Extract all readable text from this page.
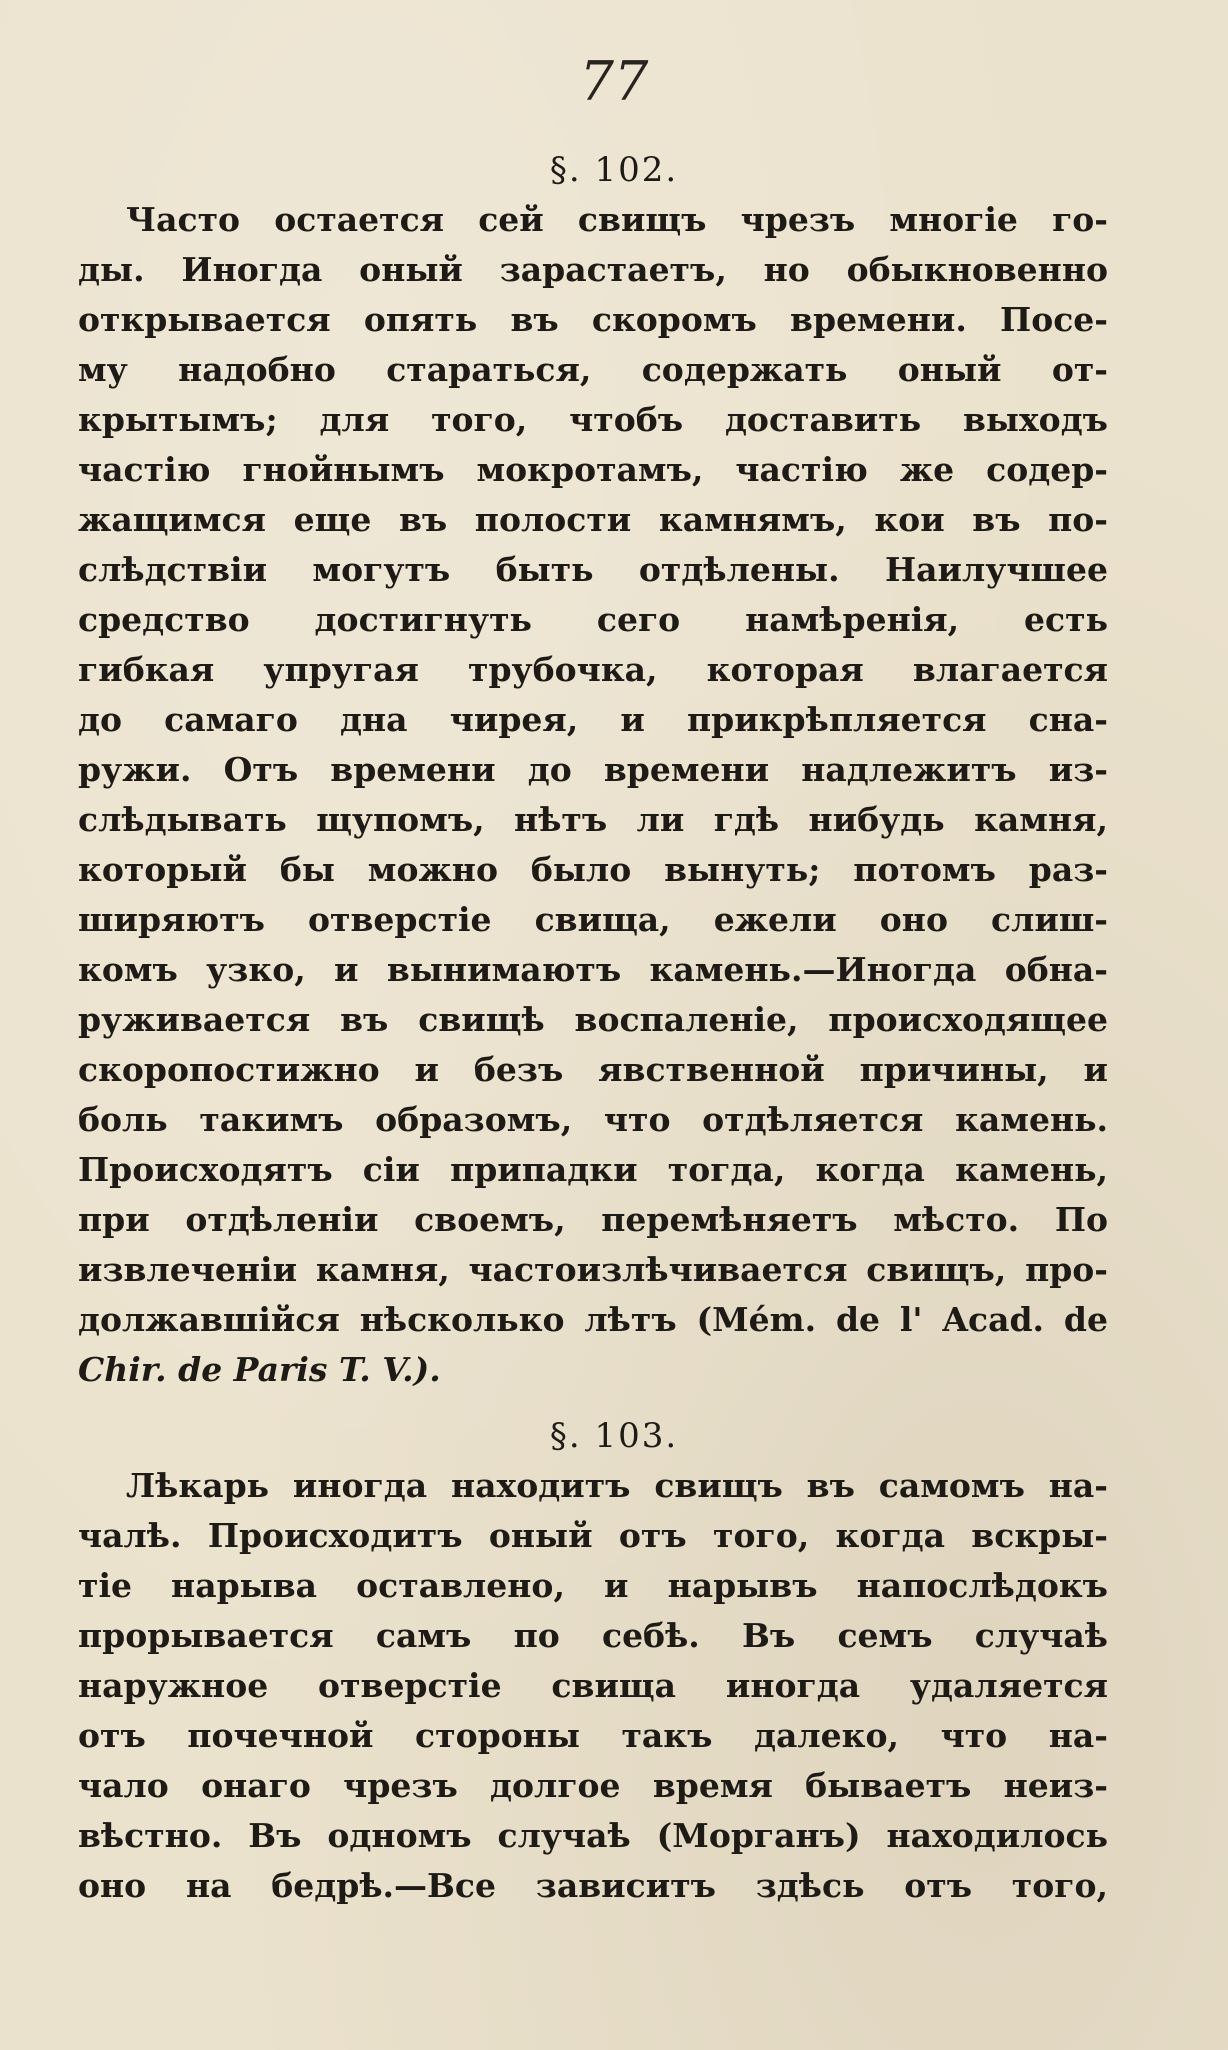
77
§. 102.
Часто остается сей свищъ чрезъ многіе го-
ды. Иногда оный зарастаетъ, но обыкновенно
открывается опять въ скоромъ времени. Посе-
му надобно стараться, содержать оный от-
крытымъ; для того, чтобъ доставить выходъ
частію гнойнымъ мокротамъ, частію же содер-
жащимся еще въ полости камнямъ, кои въ по-
слѣдствіи могутъ быть отдѣлены. Наилучшее
средство достигнуть сего намѣренія, есть
гибкая упругая трубочка, которая влагается
до самаго дна чирея, и прикрѣпляется сна-
ружи. Отъ времени до времени надлежитъ из-
слѣдывать щупомъ, нѣтъ ли гдѣ нибудь камня,
который бы можно было вынуть; потомъ раз-
ширяютъ отверстіе свища, ежели оно слиш-
комъ узко, и вынимаютъ камень.—Иногда обна-
руживается въ свищѣ воспаленіе, происходящее
скоропостижно и безъ явственной причины, и
боль такимъ образомъ, что отдѣляется камень.
Происходятъ сіи припадки тогда, когда камень,
при отдѣленіи своемъ, перемѣняетъ мѣсто. По
извлеченіи камня, частоизлѣчивается свищъ, про-
должавшійся нѣсколько лѣтъ (Mém. de l' Acad. de
Chir. de Paris T. V.).
§. 103.
Лѣкарь иногда находитъ свищъ въ самомъ на-
чалѣ. Происходитъ оный отъ того, когда вскры-
тіе нарыва оставлено, и нарывъ напослѣдокъ
прорывается самъ по себѣ. Въ семъ случаѣ
наружное отверстіе свища иногда удаляется
отъ почечной стороны такъ далеко, что на-
чало онаго чрезъ долгое время бываетъ неиз-
вѣстно. Въ одномъ случаѣ (Морганъ) находилось
оно на бедрѣ.—Все зависитъ здѣсь отъ того,
